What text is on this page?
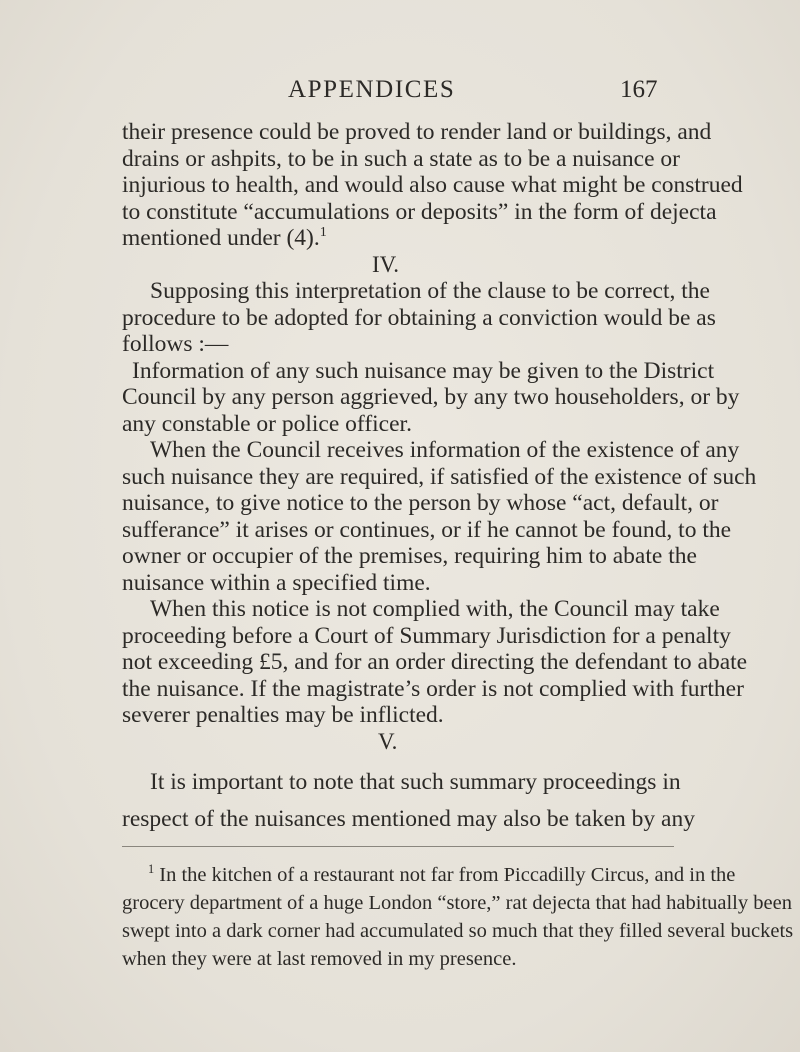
APPENDICES	167
their presence could be proved to render land or buildings, and
drains or ashpits, to be in such a state as to be a nuisance or
injurious to health, and would also cause what might be construed
to constitute “accumulations or deposits” in the form of dejecta
mentioned under (4).$^1$
IV.
Supposing this interpretation of the clause to be correct, the
procedure to be adopted for obtaining a conviction would be as
follows :—
Information of any such nuisance may be given to the District
Council by any person aggrieved, by any two householders, or by
any constable or police officer.
When the Council receives information of the existence of any
such nuisance they are required, if satisfied of the existence of such
nuisance, to give notice to the person by whose “act, default, or
sufferance” it arises or continues, or if he cannot be found, to the
owner or occupier of the premises, requiring him to abate the
nuisance within a specified time.
When this notice is not complied with, the Council may take
proceeding before a Court of Summary Jurisdiction for a penalty
not exceeding £5, and for an order directing the defendant to abate
the nuisance. If the magistrate’s order is not complied with further
severer penalties may be inflicted.
V.
It is important to note that such summary proceedings in
respect of the nuisances mentioned may also be taken by any
$^1$ In the kitchen of a restaurant not far from Piccadilly Circus, and in the
grocery department of a huge London “store,” rat dejecta that had habitually been
swept into a dark corner had accumulated so much that they filled several buckets
when they were at last removed in my presence.
